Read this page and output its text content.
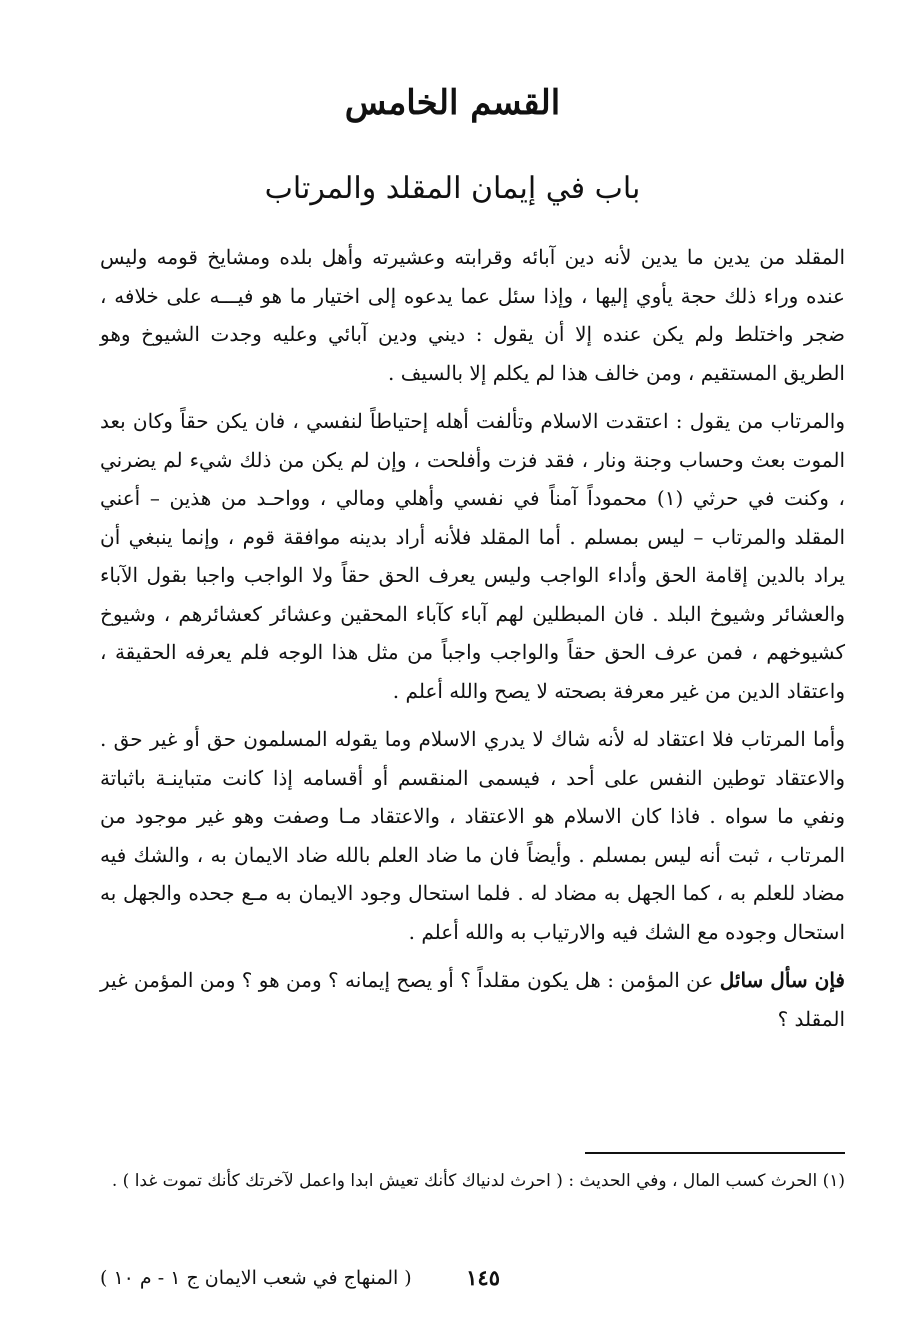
القسم الخامس
باب في إيمان المقلد والمرتاب

المقلد من يدين ما يدين لأنه دين آبائه وقرابته وعشيرته وأهل بلده ومشايخ قومه وليس عنده وراء ذلك حجة يأوي إليها ، وإذا سئل عما يدعوه إلى اختيار ما هو فيـــه على خلافه ، ضجر واختلط ولم يكن عنده إلا أن يقول : ديني ودين آبائي وعليه وجدت الشيوخ وهو الطريق المستقيم ، ومن خالف هذا لم يكلم إلا بالسيف .

والمرتاب من يقول : اعتقدت الاسلام وتألفت أهله إحتياطاً لنفسي ، فان يكن حقاً وكان بعد الموت بعث وحساب وجنة ونار ، فقد فزت وأفلحت ، وإن لم يكن من ذلك شيء لم يضرني ، وكنت في حرثي (١) محموداً آمناً في نفسي وأهلي ومالي ، وواحـد من هذين – أعني المقلد والمرتاب – ليس بمسلم . أما المقلد فلأنه أراد بدينه موافقة قوم ، وإنما ينبغي أن يراد بالدين إقامة الحق وأداء الواجب وليس يعرف الحق حقاً ولا الواجب واجبا بقول الآباء والعشائر وشيوخ البلد . فان المبطلين لهم آباء كآباء المحقين وعشائر كعشائرهم ، وشيوخ كشيوخهم ، فمن عرف الحق حقاً والواجب واجباً من مثل هذا الوجه فلم يعرفه الحقيقة ، واعتقاد الدين من غير معرفة بصحته لا يصح والله أعلم .

وأما المرتاب فلا اعتقاد له لأنه شاك لا يدري الاسلام وما يقوله المسلمون حق أو غير حق . والاعتقاد توطين النفس على أحد ، فيسمى المنقسم أو أقسامه إذا كانت متباينـة باثباتة ونفي ما سواه . فاذا كان الاسلام هو الاعتقاد ، والاعتقاد مـا وصفت وهو غير موجود من المرتاب ، ثبت أنه ليس بمسلم . وأيضاً فان ما ضاد العلم بالله ضاد الايمان به ، والشك فيه مضاد للعلم به ، كما الجهل به مضاد له . فلما استحال وجود الايمان به مـع جحده والجهل به استحال وجوده مع الشك فيه والارتياب به والله أعلم .

فإن سأل سائل عن المؤمن : هل يكون مقلداً ؟ أو يصح إيمانه ؟ ومن هو ؟ ومن المؤمن غير المقلد ؟

(١) الحرث كسب المال ، وفي الحديث : ( احرث لدنياك كأنك تعيش ابدا واعمل لآخرتك كأنك تموت غدا ) .
١٤٥
( المنهاج في شعب الايمان ج ١ - م ١٠ )
